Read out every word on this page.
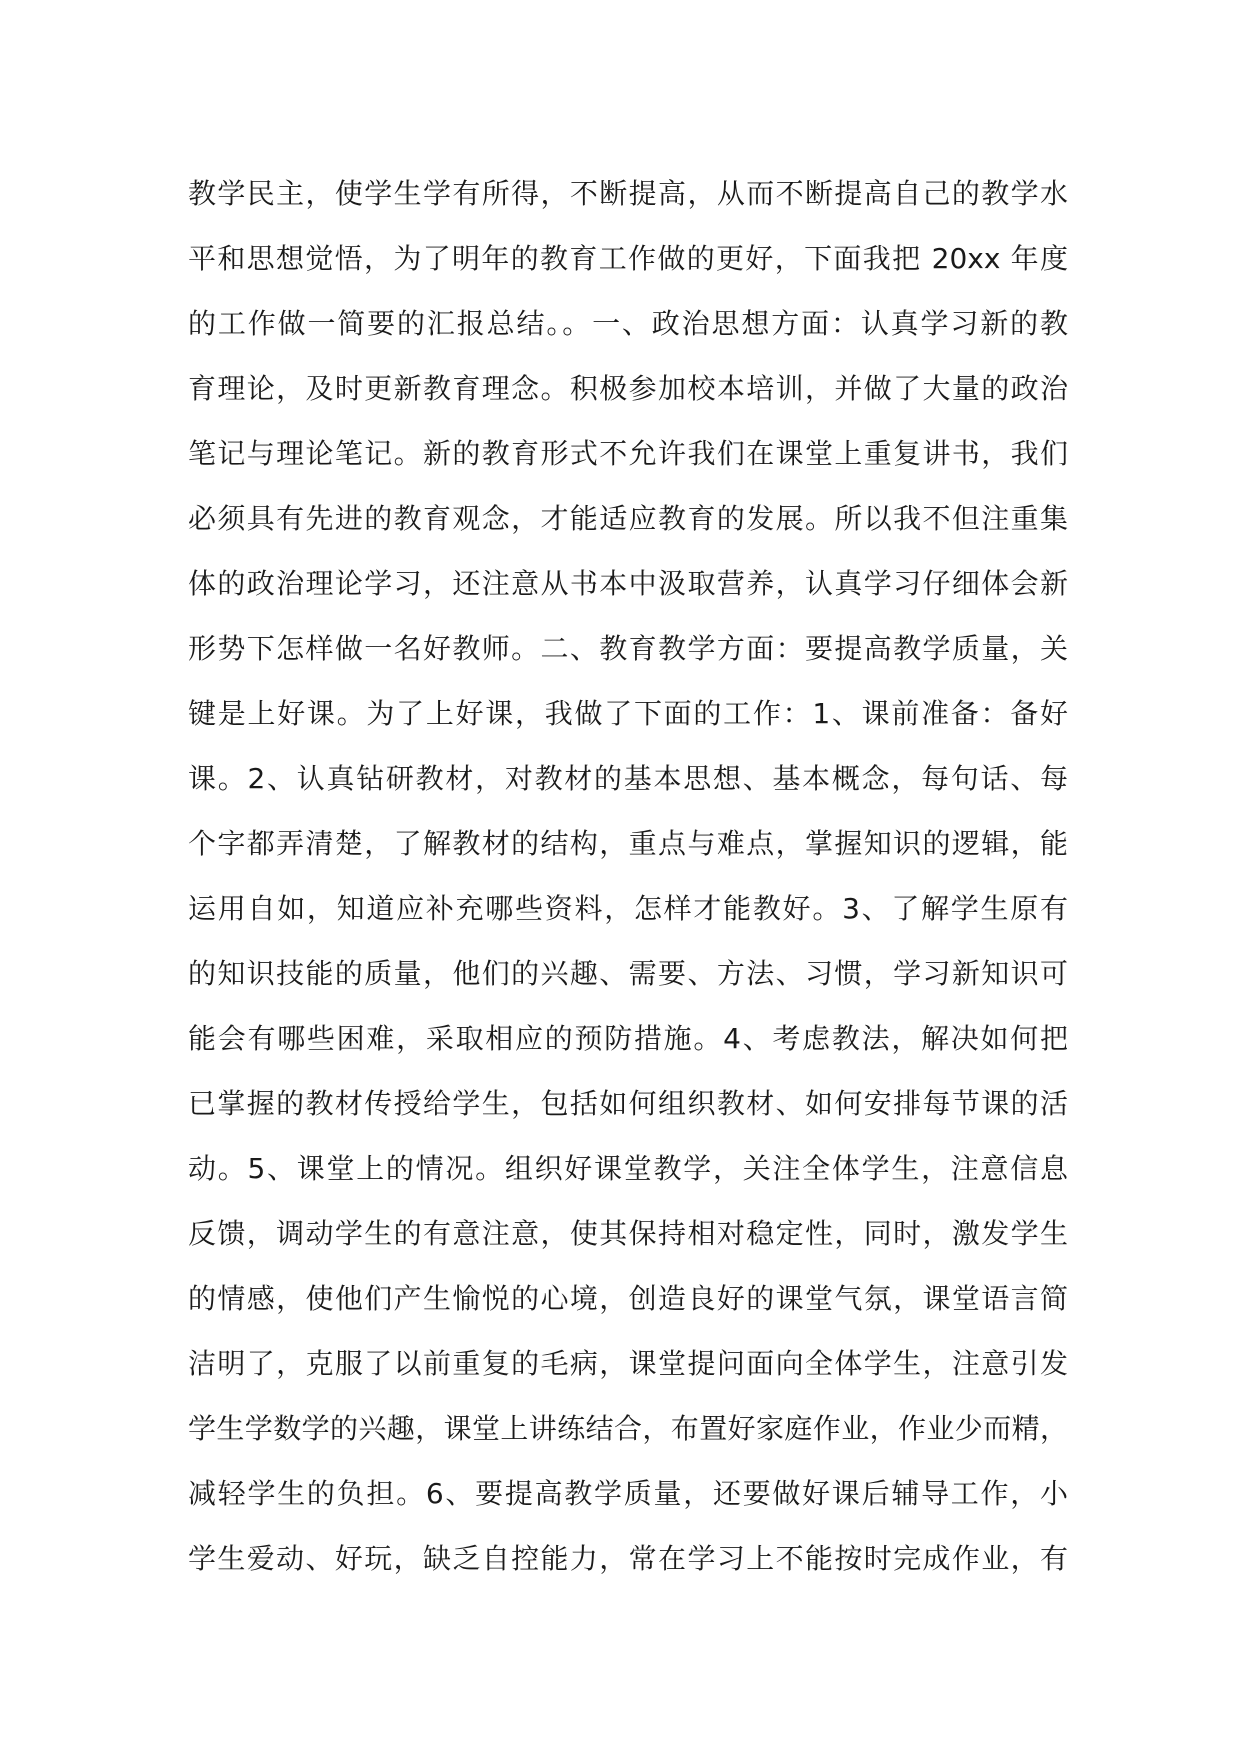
教学民主，使学生学有所得，不断提高，从而不断提高自己的教学水
平和思想觉悟，为了明年的教育工作做的更好，下面我把 20xx 年度
的工作做一简要的汇报总结。。一、政治思想方面：认真学习新的教
育理论，及时更新教育理念。积极参加校本培训，并做了大量的政治
笔记与理论笔记。新的教育形式不允许我们在课堂上重复讲书，我们
必须具有先进的教育观念，才能适应教育的发展。所以我不但注重集
体的政治理论学习，还注意从书本中汲取营养，认真学习仔细体会新
形势下怎样做一名好教师。二、教育教学方面：要提高教学质量，关
键是上好课。为了上好课，我做了下面的工作：1、课前准备：备好
课。2、认真钻研教材，对教材的基本思想、基本概念，每句话、每
个字都弄清楚，了解教材的结构，重点与难点，掌握知识的逻辑，能
运用自如，知道应补充哪些资料，怎样才能教好。3、了解学生原有
的知识技能的质量，他们的兴趣、需要、方法、习惯，学习新知识可
能会有哪些困难，采取相应的预防措施。4、考虑教法，解决如何把
已掌握的教材传授给学生，包括如何组织教材、如何安排每节课的活
动。5、课堂上的情况。组织好课堂教学，关注全体学生，注意信息
反馈，调动学生的有意注意，使其保持相对稳定性，同时，激发学生
的情感，使他们产生愉悦的心境，创造良好的课堂气氛，课堂语言简
洁明了，克服了以前重复的毛病，课堂提问面向全体学生，注意引发
学生学数学的兴趣，课堂上讲练结合，布置好家庭作业，作业少而精，
减轻学生的负担。6、要提高教学质量，还要做好课后辅导工作，小
学生爱动、好玩，缺乏自控能力，常在学习上不能按时完成作业，有
